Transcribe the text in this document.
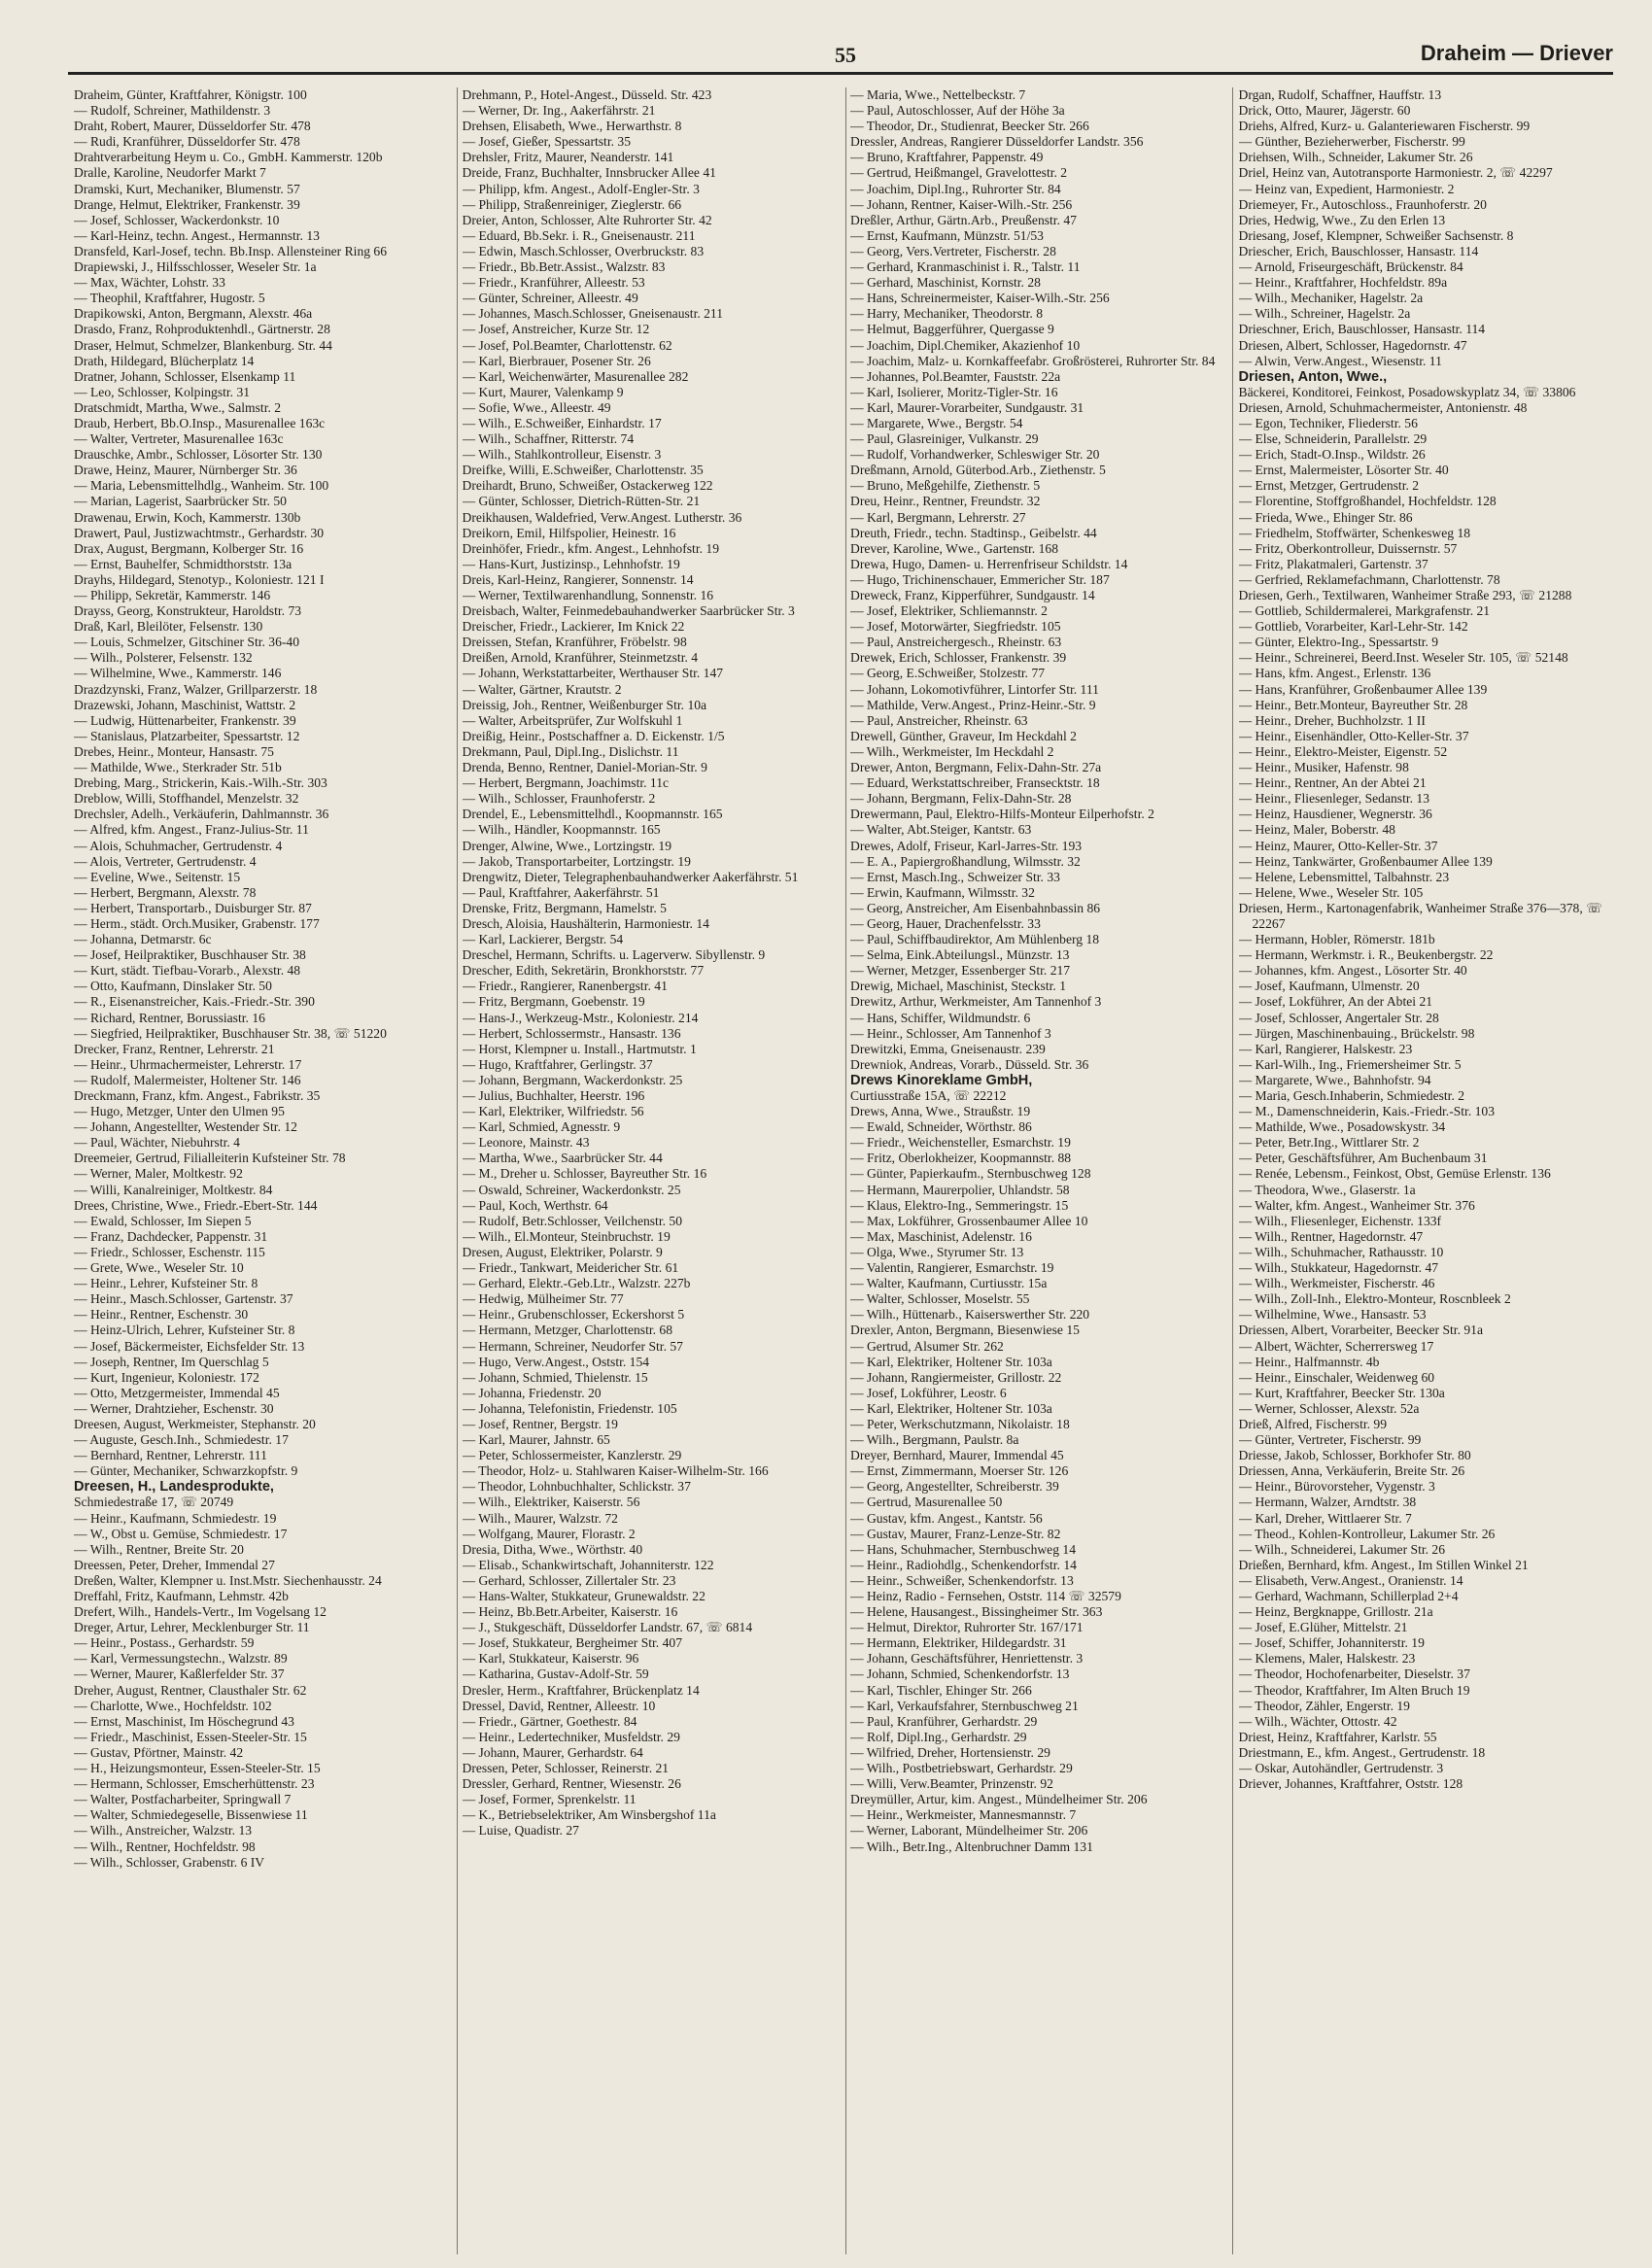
55	Draheim — Driever

Draheim, Günter, Kraftfahrer, Königstr. 100

— Rudolf, Schreiner, Mathildenstr. 3

Draht, Robert, Maurer, Düsseldorfer Str. 478

— Rudi, Kranführer, Düsseldorfer Str. 478

Drahtverarbeitung Heym u. Co., GmbH. Kammerstr. 120b

Dralle, Karoline, Neudorfer Markt 7

Dramski, Kurt, Mechaniker, Blumenstr. 57

Drange, Helmut, Elektriker, Frankenstr. 39

— Josef, Schlosser, Wackerdonkstr. 10

— Karl-Heinz, techn. Angest., Hermannstr. 13

Dransfeld, Karl-Josef, techn. Bb.Insp. Allensteiner Ring 66

Drapiewski, J., Hilfsschlosser, Weseler Str. 1a

— Max, Wächter, Lohstr. 33

— Theophil, Kraftfahrer, Hugostr. 5

Drapikowski, Anton, Bergmann, Alexstr. 46a

Drasdo, Franz, Rohproduktenhdl., Gärtnerstr. 28

Draser, Helmut, Schmelzer, Blankenburg. Str. 44

Drath, Hildegard, Blücherplatz 14

Dratner, Johann, Schlosser, Elsenkamp 11

— Leo, Schlosser, Kolpingstr. 31

Dratschmidt, Martha, Wwe., Salmstr. 2

Draub, Herbert, Bb.O.Insp., Masurenallee 163c

— Walter, Vertreter, Masurenallee 163c

Drauschke, Ambr., Schlosser, Lösorter Str. 130

Drawe, Heinz, Maurer, Nürnberger Str. 36

— Maria, Lebensmittelhdlg., Wanheim. Str. 100

— Marian, Lagerist, Saarbrücker Str. 50

Drawenau, Erwin, Koch, Kammerstr. 130b

Drawert, Paul, Justizwachtmstr., Gerhardstr. 30

Drax, August, Bergmann, Kolberger Str. 16

— Ernst, Bauhelfer, Schmidthorststr. 13a

Drayhs, Hildegard, Stenotyp., Koloniestr. 121 I

— Philipp, Sekretär, Kammerstr. 146

Drayss, Georg, Konstrukteur, Haroldstr. 73

Draß, Karl, Bleilöter, Felsenstr. 130

— Louis, Schmelzer, Gitschiner Str. 36-40

— Wilh., Polsterer, Felsenstr. 132

— Wilhelmine, Wwe., Kammerstr. 146

Drazdzynski, Franz, Walzer, Grillparzerstr. 18

Drazewski, Johann, Maschinist, Wattstr. 2

— Ludwig, Hüttenarbeiter, Frankenstr. 39

— Stanislaus, Platzarbeiter, Spessartstr. 12

Drebes, Heinr., Monteur, Hansastr. 75

— Mathilde, Wwe., Sterkrader Str. 51b

Drebing, Marg., Strickerin, Kais.-Wilh.-Str. 303

Dreblow, Willi, Stoffhandel, Menzelstr. 32

Drechsler, Adelh., Verkäuferin, Dahlmannstr. 36

— Alfred, kfm. Angest., Franz-Julius-Str. 11

— Alois, Schuhmacher, Gertrudenstr. 4

— Alois, Vertreter, Gertrudenstr. 4

— Eveline, Wwe., Seitenstr. 15

— Herbert, Bergmann, Alexstr. 78

— Herbert, Transportarb., Duisburger Str. 87

— Herm., städt. Orch.Musiker, Grabenstr. 177

— Johanna, Detmarstr. 6c

— Josef, Heilpraktiker, Buschhauser Str. 38

— Kurt, städt. Tiefbau-Vorarb., Alexstr. 48

— Otto, Kaufmann, Dinslaker Str. 50

— R., Eisenanstreicher, Kais.-Friedr.-Str. 390

— Richard, Rentner, Borussiastr. 16

— Siegfried, Heilpraktiker, Buschhauser Str. 38, ☏ 51220

Drecker, Franz, Rentner, Lehrerstr. 21

— Heinr., Uhrmachermeister, Lehrerstr. 17

— Rudolf, Malermeister, Holtener Str. 146

Dreckmann, Franz, kfm. Angest., Fabrikstr. 35

— Hugo, Metzger, Unter den Ulmen 95

— Johann, Angestellter, Westender Str. 12

— Paul, Wächter, Niebuhrstr. 4

Dreemeier, Gertrud, Filialleiterin Kufsteiner Str. 78

— Werner, Maler, Moltkestr. 92

— Willi, Kanalreiniger, Moltkestr. 84

Drees, Christine, Wwe., Friedr.-Ebert-Str. 144

— Ewald, Schlosser, Im Siepen 5

— Franz, Dachdecker, Pappenstr. 31

— Friedr., Schlosser, Eschenstr. 115

— Grete, Wwe., Weseler Str. 10

— Heinr., Lehrer, Kufsteiner Str. 8

— Heinr., Masch.Schlosser, Gartenstr. 37

— Heinr., Rentner, Eschenstr. 30

— Heinz-Ulrich, Lehrer, Kufsteiner Str. 8

— Josef, Bäckermeister, Eichsfelder Str. 13

— Joseph, Rentner, Im Querschlag 5

— Kurt, Ingenieur, Koloniestr. 172

— Otto, Metzgermeister, Immendal 45

— Werner, Drahtzieher, Eschenstr. 30

Dreesen, August, Werkmeister, Stephanstr. 20

— Auguste, Gesch.Inh., Schmiedestr. 17

— Bernhard, Rentner, Lehrerstr. 111

— Günter, Mechaniker, Schwarzkopfstr. 9

Dreesen, H., Landesprodukte,

Schmiedestraße 17, ☏ 20749

— Heinr., Kaufmann, Schmiedestr. 19

— W., Obst u. Gemüse, Schmiedestr. 17

— Wilh., Rentner, Breite Str. 20

Dreessen, Peter, Dreher, Immendal 27

Dreßen, Walter, Klempner u. Inst.Mstr. Siechenhausstr. 24

Dreffahl, Fritz, Kaufmann, Lehmstr. 42b

Drefert, Wilh., Handels-Vertr., Im Vogelsang 12

Dreger, Artur, Lehrer, Mecklenburger Str. 11

— Heinr., Postass., Gerhardstr. 59

— Karl, Vermessungstechn., Walzstr. 89

— Werner, Maurer, Kaßlerfelder Str. 37

Dreher, August, Rentner, Clausthaler Str. 62

— Charlotte, Wwe., Hochfeldstr. 102

— Ernst, Maschinist, Im Höschegrund 43

— Friedr., Maschinist, Essen-Steeler-Str. 15

— Gustav, Pförtner, Mainstr. 42

— H., Heizungsmonteur, Essen-Steeler-Str. 15

— Hermann, Schlosser, Emscherhüttenstr. 23

— Walter, Postfacharbeiter, Springwall 7

— Walter, Schmiedegeselle, Bissenwiese 11

— Wilh., Anstreicher, Walzstr. 13

— Wilh., Rentner, Hochfeldstr. 98

— Wilh., Schlosser, Grabenstr. 6 IV

Drehmann, P., Hotel-Angest., Düsseld. Str. 423

— Werner, Dr. Ing., Aakerfährstr. 21

Drehsen, Elisabeth, Wwe., Herwarthstr. 8

— Josef, Gießer, Spessartstr. 35

Drehsler, Fritz, Maurer, Neanderstr. 141

Dreide, Franz, Buchhalter, Innsbrucker Allee 41

— Philipp, kfm. Angest., Adolf-Engler-Str. 3

— Philipp, Straßenreiniger, Zieglerstr. 66

Dreier, Anton, Schlosser, Alte Ruhrorter Str. 42

— Eduard, Bb.Sekr. i. R., Gneisenaustr. 211

— Edwin, Masch.Schlosser, Overbruckstr. 83

— Friedr., Bb.Betr.Assist., Walzstr. 83

— Friedr., Kranführer, Alleestr. 53

— Günter, Schreiner, Alleestr. 49

— Johannes, Masch.Schlosser, Gneisenaustr. 211

— Josef, Anstreicher, Kurze Str. 12

— Josef, Pol.Beamter, Charlottenstr. 62

— Karl, Bierbrauer, Posener Str. 26

— Karl, Weichenwärter, Masurenallee 282

— Kurt, Maurer, Valenkamp 9

— Sofie, Wwe., Alleestr. 49

— Wilh., E.Schweißer, Einhardstr. 17

— Wilh., Schaffner, Ritterstr. 74

— Wilh., Stahlkontrolleur, Eisenstr. 3

Dreifke, Willi, E.Schweißer, Charlottenstr. 35

Dreihardt, Bruno, Schweißer, Ostackerweg 122

— Günter, Schlosser, Dietrich-Rütten-Str. 21

Dreikhausen, Waldefried, Verw.Angest. Lutherstr. 36

Dreikorn, Emil, Hilfspolier, Heinestr. 16

Dreinhöfer, Friedr., kfm. Angest., Lehnhofstr. 19

— Hans-Kurt, Justizinsp., Lehnhofstr. 19

Dreis, Karl-Heinz, Rangierer, Sonnenstr. 14

— Werner, Textilwarenhandlung, Sonnenstr. 16

Dreisbach, Walter, Feinmedebauhandwerker Saarbrücker Str. 3

Dreischer, Friedr., Lackierer, Im Knick 22

Dreissen, Stefan, Kranführer, Fröbelstr. 98

Dreißen, Arnold, Kranführer, Steinmetzstr. 4

— Johann, Werkstattarbeiter, Werthauser Str. 147

— Walter, Gärtner, Krautstr. 2

Dreissig, Joh., Rentner, Weißenburger Str. 10a

— Walter, Arbeitsprüfer, Zur Wolfskuhl 1

Dreißig, Heinr., Postschaffner a. D. Eickenstr. 1/5

Drekmann, Paul, Dipl.Ing., Dislichstr. 11

Drenda, Benno, Rentner, Daniel-Morian-Str. 9

— Herbert, Bergmann, Joachimstr. 11c

— Wilh., Schlosser, Fraunhoferstr. 2

Drendel, E., Lebensmittelhdl., Koopmannstr. 165

— Wilh., Händler, Koopmannstr. 165

Drenger, Alwine, Wwe., Lortzingstr. 19

— Jakob, Transportarbeiter, Lortzingstr. 19

Drengwitz, Dieter, Telegraphenbauhandwerker Aakerfährstr. 51

— Paul, Kraftfahrer, Aakerfährstr. 51

Drenske, Fritz, Bergmann, Hamelstr. 5

Dresch, Aloisia, Haushälterin, Harmoniestr. 14

— Karl, Lackierer, Bergstr. 54

Dreschel, Hermann, Schrifts. u. Lagerverw. Sibyllenstr. 9

Drescher, Edith, Sekretärin, Bronkhorststr. 77

— Friedr., Rangierer, Ranenbergstr. 41

— Fritz, Bergmann, Goebenstr. 19

— Hans-J., Werkzeug-Mstr., Koloniestr. 214

— Herbert, Schlossermstr., Hansastr. 136

— Horst, Klempner u. Install., Hartmutstr. 1

— Hugo, Kraftfahrer, Gerlingstr. 37

— Johann, Bergmann, Wackerdonkstr. 25

— Julius, Buchhalter, Heerstr. 196

— Karl, Elektriker, Wilfriedstr. 56

— Karl, Schmied, Agnesstr. 9

— Leonore, Mainstr. 43

— Martha, Wwe., Saarbrücker Str. 44

— M., Dreher u. Schlosser, Bayreuther Str. 16

— Oswald, Schreiner, Wackerdonkstr. 25

— Paul, Koch, Werthstr. 64

— Rudolf, Betr.Schlosser, Veilchenstr. 50

— Wilh., El.Monteur, Steinbruchstr. 19

Dresen, August, Elektriker, Polarstr. 9

— Friedr., Tankwart, Meidericher Str. 61

— Gerhard, Elektr.-Geb.Ltr., Walzstr. 227b

— Hedwig, Mülheimer Str. 77

— Heinr., Grubenschlosser, Eckershorst 5

— Hermann, Metzger, Charlottenstr. 68

— Hermann, Schreiner, Neudorfer Str. 57

— Hugo, Verw.Angest., Oststr. 154

— Johann, Schmied, Thielenstr. 15

— Johanna, Friedenstr. 20

— Johanna, Telefonistin, Friedenstr. 105

— Josef, Rentner, Bergstr. 19

— Karl, Maurer, Jahnstr. 65

— Peter, Schlossermeister, Kanzlerstr. 29

— Theodor, Holz- u. Stahlwaren Kaiser-Wilhelm-Str. 166

— Theodor, Lohnbuchhalter, Schlickstr. 37

— Wilh., Elektriker, Kaiserstr. 56

— Wilh., Maurer, Walzstr. 72

— Wolfgang, Maurer, Florastr. 2

Dresia, Ditha, Wwe., Wörthstr. 40

— Elisab., Schankwirtschaft, Johanniterstr. 122

— Gerhard, Schlosser, Zillertaler Str. 23

— Hans-Walter, Stukkateur, Grunewaldstr. 22

— Heinz, Bb.Betr.Arbeiter, Kaiserstr. 16

— J., Stukgeschäft, Düsseldorfer Landstr. 67, ☏ 6814

— Josef, Stukkateur, Bergheimer Str. 407

— Karl, Stukkateur, Kaiserstr. 96

— Katharina, Gustav-Adolf-Str. 59

Dresler, Herm., Kraftfahrer, Brückenplatz 14

Dressel, David, Rentner, Alleestr. 10

— Friedr., Gärtner, Goethestr. 84

— Heinr., Ledertechniker, Musfeldstr. 29

— Johann, Maurer, Gerhardstr. 64

Dressen, Peter, Schlosser, Reinerstr. 21

Dressler, Gerhard, Rentner, Wiesenstr. 26

— Josef, Former, Sprenkelstr. 11

— K., Betriebselektriker, Am Winsbergshof 11a

— Luise, Quadistr. 27

— Maria, Wwe., Nettelbeckstr. 7

— Paul, Autoschlosser, Auf der Höhe 3a

— Theodor, Dr., Studienrat, Beecker Str. 266

Dressler, Andreas, Rangierer Düsseldorfer Landstr. 356

— Bruno, Kraftfahrer, Pappenstr. 49

— Gertrud, Heißmangel, Gravelottestr. 2

— Joachim, Dipl.Ing., Ruhrorter Str. 84

— Johann, Rentner, Kaiser-Wilh.-Str. 256

Dreßler, Arthur, Gärtn.Arb., Preußenstr. 47

— Ernst, Kaufmann, Münzstr. 51/53

— Georg, Vers.Vertreter, Fischerstr. 28

— Gerhard, Kranmaschinist i. R., Talstr. 11

— Gerhard, Maschinist, Kornstr. 28

— Hans, Schreinermeister, Kaiser-Wilh.-Str. 256

— Harry, Mechaniker, Theodorstr. 8

— Helmut, Baggerführer, Quergasse 9

— Joachim, Dipl.Chemiker, Akazienhof 10

— Joachim, Malz- u. Kornkaffeefabr. Großrösterei, Ruhrorter Str. 84

— Johannes, Pol.Beamter, Fauststr. 22a

— Karl, Isolierer, Moritz-Tigler-Str. 16

— Karl, Maurer-Vorarbeiter, Sundgaustr. 31

— Margarete, Wwe., Bergstr. 54

— Paul, Glasreiniger, Vulkanstr. 29

— Rudolf, Vorhandwerker, Schleswiger Str. 20

Dreßmann, Arnold, Güterbod.Arb., Ziethenstr. 5

— Bruno, Meßgehilfe, Ziethenstr. 5

Dreu, Heinr., Rentner, Freundstr. 32

— Karl, Bergmann, Lehrerstr. 27

Dreuth, Friedr., techn. Stadtinsp., Geibelstr. 44

Drever, Karoline, Wwe., Gartenstr. 168

Drewa, Hugo, Damen- u. Herrenfriseur Schildstr. 14

— Hugo, Trichinenschauer, Emmericher Str. 187

Dreweck, Franz, Kipperführer, Sundgaustr. 14

— Josef, Elektriker, Schliemannstr. 2

— Josef, Motorwärter, Siegfriedstr. 105

— Paul, Anstreichergesch., Rheinstr. 63

Drewek, Erich, Schlosser, Frankenstr. 39

— Georg, E.Schweißer, Stolzestr. 77

— Johann, Lokomotivführer, Lintorfer Str. 111

— Mathilde, Verw.Angest., Prinz-Heinr.-Str. 9

— Paul, Anstreicher, Rheinstr. 63

Drewell, Günther, Graveur, Im Heckdahl 2

— Wilh., Werkmeister, Im Heckdahl 2

Drewer, Anton, Bergmann, Felix-Dahn-Str. 27a

— Eduard, Werkstattschreiber, Fransecktstr. 18

— Johann, Bergmann, Felix-Dahn-Str. 28

Drewermann, Paul, Elektro-Hilfs-Monteur Eilperhofstr. 2

— Walter, Abt.Steiger, Kantstr. 63

Drewes, Adolf, Friseur, Karl-Jarres-Str. 193

— E. A., Papiergroßhandlung, Wilmsstr. 32

— Ernst, Masch.Ing., Schweizer Str. 33

— Erwin, Kaufmann, Wilmsstr. 32

— Georg, Anstreicher, Am Eisenbahnbassin 86

— Georg, Hauer, Drachenfelsstr. 33

— Paul, Schiffbaudirektor, Am Mühlenberg 18

— Selma, Eink.Abteilungsl., Münzstr. 13

— Werner, Metzger, Essenberger Str. 217

Drewig, Michael, Maschinist, Steckstr. 1

Drewitz, Arthur, Werkmeister, Am Tannenhof 3

— Hans, Schiffer, Wildmundstr. 6

— Heinr., Schlosser, Am Tannenhof 3

Drewitzki, Emma, Gneisenaustr. 239

Drewniok, Andreas, Vorarb., Düsseld. Str. 36

Drews Kinoreklame GmbH,

Curtiusstraße 15A, ☏ 22212

Drews, Anna, Wwe., Straußstr. 19

— Ewald, Schneider, Wörthstr. 86

— Friedr., Weichensteller, Esmarchstr. 19

— Fritz, Oberlokheizer, Koopmannstr. 88

— Günter, Papierkaufm., Sternbuschweg 128

— Hermann, Maurerpolier, Uhlandstr. 58

— Klaus, Elektro-Ing., Semmeringstr. 15

— Max, Lokführer, Grossenbaumer Allee 10

— Max, Maschinist, Adelenstr. 16

— Olga, Wwe., Styrumer Str. 13

— Valentin, Rangierer, Esmarchstr. 19

— Walter, Kaufmann, Curtiusstr. 15a

— Walter, Schlosser, Moselstr. 55

— Wilh., Hüttenarb., Kaiserswerther Str. 220

Drexler, Anton, Bergmann, Biesenwiese 15

— Gertrud, Alsumer Str. 262

— Karl, Elektriker, Holtener Str. 103a

— Johann, Rangiermeister, Grillostr. 22

— Josef, Lokführer, Leostr. 6

— Karl, Elektriker, Holtener Str. 103a

— Peter, Werkschutzmann, Nikolaistr. 18

— Wilh., Bergmann, Paulstr. 8a

Dreyer, Bernhard, Maurer, Immendal 45

— Ernst, Zimmermann, Moerser Str. 126

— Georg, Angestellter, Schreiberstr. 39

— Gertrud, Masurenallee 50

— Gustav, kfm. Angest., Kantstr. 56

— Gustav, Maurer, Franz-Lenze-Str. 82

— Hans, Schuhmacher, Sternbuschweg 14

— Heinr., Radiohdlg., Schenkendorfstr. 14

— Heinr., Schweißer, Schenkendorfstr. 13

— Heinz, Radio - Fernsehen, Oststr. 114 ☏ 32579

— Helene, Hausangest., Bissingheimer Str. 363

— Helmut, Direktor, Ruhrorter Str. 167/171

— Hermann, Elektriker, Hildegardstr. 31

— Johann, Geschäftsführer, Henriettenstr. 3

— Johann, Schmied, Schenkendorfstr. 13

— Karl, Tischler, Ehinger Str. 266

— Karl, Verkaufsfahrer, Sternbuschweg 21

— Paul, Kranführer, Gerhardstr. 29

— Rolf, Dipl.Ing., Gerhardstr. 29

— Wilfried, Dreher, Hortensienstr. 29

— Wilh., Postbetriebswart, Gerhardstr. 29

— Willi, Verw.Beamter, Prinzenstr. 92

Dreymüller, Artur, kim. Angest., Mündelheimer Str. 206

— Heinr., Werkmeister, Mannesmannstr. 7

— Werner, Laborant, Mündelheimer Str. 206

— Wilh., Betr.Ing., Altenbruchner Damm 131

Drgan, Rudolf, Schaffner, Hauffstr. 13

Drick, Otto, Maurer, Jägerstr. 60

Driehs, Alfred, Kurz- u. Galanteriewaren Fischerstr. 99

— Günther, Bezieherwerber, Fischerstr. 99

Driehsen, Wilh., Schneider, Lakumer Str. 26

Driel, Heinz van, Autotransporte Harmoniestr. 2, ☏ 42297

— Heinz van, Expedient, Harmoniestr. 2

Driemeyer, Fr., Autoschloss., Fraunhoferstr. 20

Dries, Hedwig, Wwe., Zu den Erlen 13

Driesang, Josef, Klempner, Schweißer Sachsenstr. 8

Driescher, Erich, Bauschlosser, Hansastr. 114

— Arnold, Friseurgeschäft, Brückenstr. 84

— Heinr., Kraftfahrer, Hochfeldstr. 89a

— Wilh., Mechaniker, Hagelstr. 2a

— Wilh., Schreiner, Hagelstr. 2a

Drieschner, Erich, Bauschlosser, Hansastr. 114

Driesen, Albert, Schlosser, Hagedornstr. 47

— Alwin, Verw.Angest., Wiesenstr. 11

Driesen, Anton, Wwe.,

Bäckerei, Konditorei, Feinkost, Posadowskyplatz 34, ☏ 33806

Driesen, Arnold, Schuhmachermeister, Antonienstr. 48

— Egon, Techniker, Fliederstr. 56

— Else, Schneiderin, Parallelstr. 29

— Erich, Stadt-O.Insp., Wildstr. 26

— Ernst, Malermeister, Lösorter Str. 40

— Ernst, Metzger, Gertrudenstr. 2

— Florentine, Stoffgroßhandel, Hochfeldstr. 128

— Frieda, Wwe., Ehinger Str. 86

— Friedhelm, Stoffwärter, Schenkesweg 18

— Fritz, Oberkontrolleur, Duissernstr. 57

— Fritz, Plakatmaleri, Gartenstr. 37

— Gerfried, Reklamefachmann, Charlottenstr. 78

Driesen, Gerh., Textilwaren, Wanheimer Straße 293, ☏ 21288

— Gottlieb, Schildermalerei, Markgrafenstr. 21

— Gottlieb, Vorarbeiter, Karl-Lehr-Str. 142

— Günter, Elektro-Ing., Spessartstr. 9

— Heinr., Schreinerei, Beerd.Inst. Weseler Str. 105, ☏ 52148

— Hans, kfm. Angest., Erlenstr. 136

— Hans, Kranführer, Großenbaumer Allee 139

— Heinr., Betr.Monteur, Bayreuther Str. 28

— Heinr., Dreher, Buchholzstr. 1 II

— Heinr., Eisenhändler, Otto-Keller-Str. 37

— Heinr., Elektro-Meister, Eigenstr. 52

— Heinr., Musiker, Hafenstr. 98

— Heinr., Rentner, An der Abtei 21

— Heinr., Fliesenleger, Sedanstr. 13

— Heinz, Hausdiener, Wegnerstr. 36

— Heinz, Maler, Boberstr. 48

— Heinz, Maurer, Otto-Keller-Str. 37

— Heinz, Tankwärter, Großenbaumer Allee 139

— Helene, Lebensmittel, Talbahnstr. 23

— Helene, Wwe., Weseler Str. 105

Driesen, Herm., Kartonagenfabrik, Wanheimer Straße 376—378, ☏ 22267

— Hermann, Hobler, Römerstr. 181b

— Hermann, Werkmstr. i. R., Beukenbergstr. 22

— Johannes, kfm. Angest., Lösorter Str. 40

— Josef, Kaufmann, Ulmenstr. 20

— Josef, Lokführer, An der Abtei 21

— Josef, Schlosser, Angertaler Str. 28

— Jürgen, Maschinenbauing., Brückelstr. 98

— Karl, Rangierer, Halskestr. 23

— Karl-Wilh., Ing., Friemersheimer Str. 5

— Margarete, Wwe., Bahnhofstr. 94

— Maria, Gesch.Inhaberin, Schmiedestr. 2

— M., Damenschneiderin, Kais.-Friedr.-Str. 103

— Mathilde, Wwe., Posadowskystr. 34

— Peter, Betr.Ing., Wittlarer Str. 2

— Peter, Geschäftsführer, Am Buchenbaum 31

— Renée, Lebensm., Feinkost, Obst, Gemüse Erlenstr. 136

— Theodora, Wwe., Glaserstr. 1a

— Walter, kfm. Angest., Wanheimer Str. 376

— Wilh., Fliesenleger, Eichenstr. 133f

— Wilh., Rentner, Hagedornstr. 47

— Wilh., Schuhmacher, Rathausstr. 10

— Wilh., Stukkateur, Hagedornstr. 47

— Wilh., Werkmeister, Fischerstr. 46

— Wilh., Zoll-Inh., Elektro-Monteur, Roscnbleek 2

— Wilhelmine, Wwe., Hansastr. 53

Driessen, Albert, Vorarbeiter, Beecker Str. 91a

— Albert, Wächter, Scherrersweg 17

— Heinr., Halfmannstr. 4b

— Heinr., Einschaler, Weidenweg 60

— Kurt, Kraftfahrer, Beecker Str. 130a

— Werner, Schlosser, Alexstr. 52a

Drieß, Alfred, Fischerstr. 99

— Günter, Vertreter, Fischerstr. 99

Driesse, Jakob, Schlosser, Borkhofer Str. 80

Driessen, Anna, Verkäuferin, Breite Str. 26

— Heinr., Bürovorsteher, Vygenstr. 3

— Hermann, Walzer, Arndtstr. 38

— Karl, Dreher, Wittlaerer Str. 7

— Theod., Kohlen-Kontrolleur, Lakumer Str. 26

— Wilh., Schneiderei, Lakumer Str. 26

Drießen, Bernhard, kfm. Angest., Im Stillen Winkel 21

— Elisabeth, Verw.Angest., Oranienstr. 14

— Gerhard, Wachmann, Schillerplad 2+4

— Heinz, Bergknappe, Grillostr. 21a

— Josef, E.Glüher, Mittelstr. 21

— Josef, Schiffer, Johanniterstr. 19

— Klemens, Maler, Halskestr. 23

— Theodor, Hochofenarbeiter, Dieselstr. 37

— Theodor, Kraftfahrer, Im Alten Bruch 19

— Theodor, Zähler, Engerstr. 19

— Wilh., Wächter, Ottostr. 42

Driest, Heinz, Kraftfahrer, Karlstr. 55

Driestmann, E., kfm. Angest., Gertrudenstr. 18

— Oskar, Autohändler, Gertrudenstr. 3

Driever, Johannes, Kraftfahrer, Oststr. 128
